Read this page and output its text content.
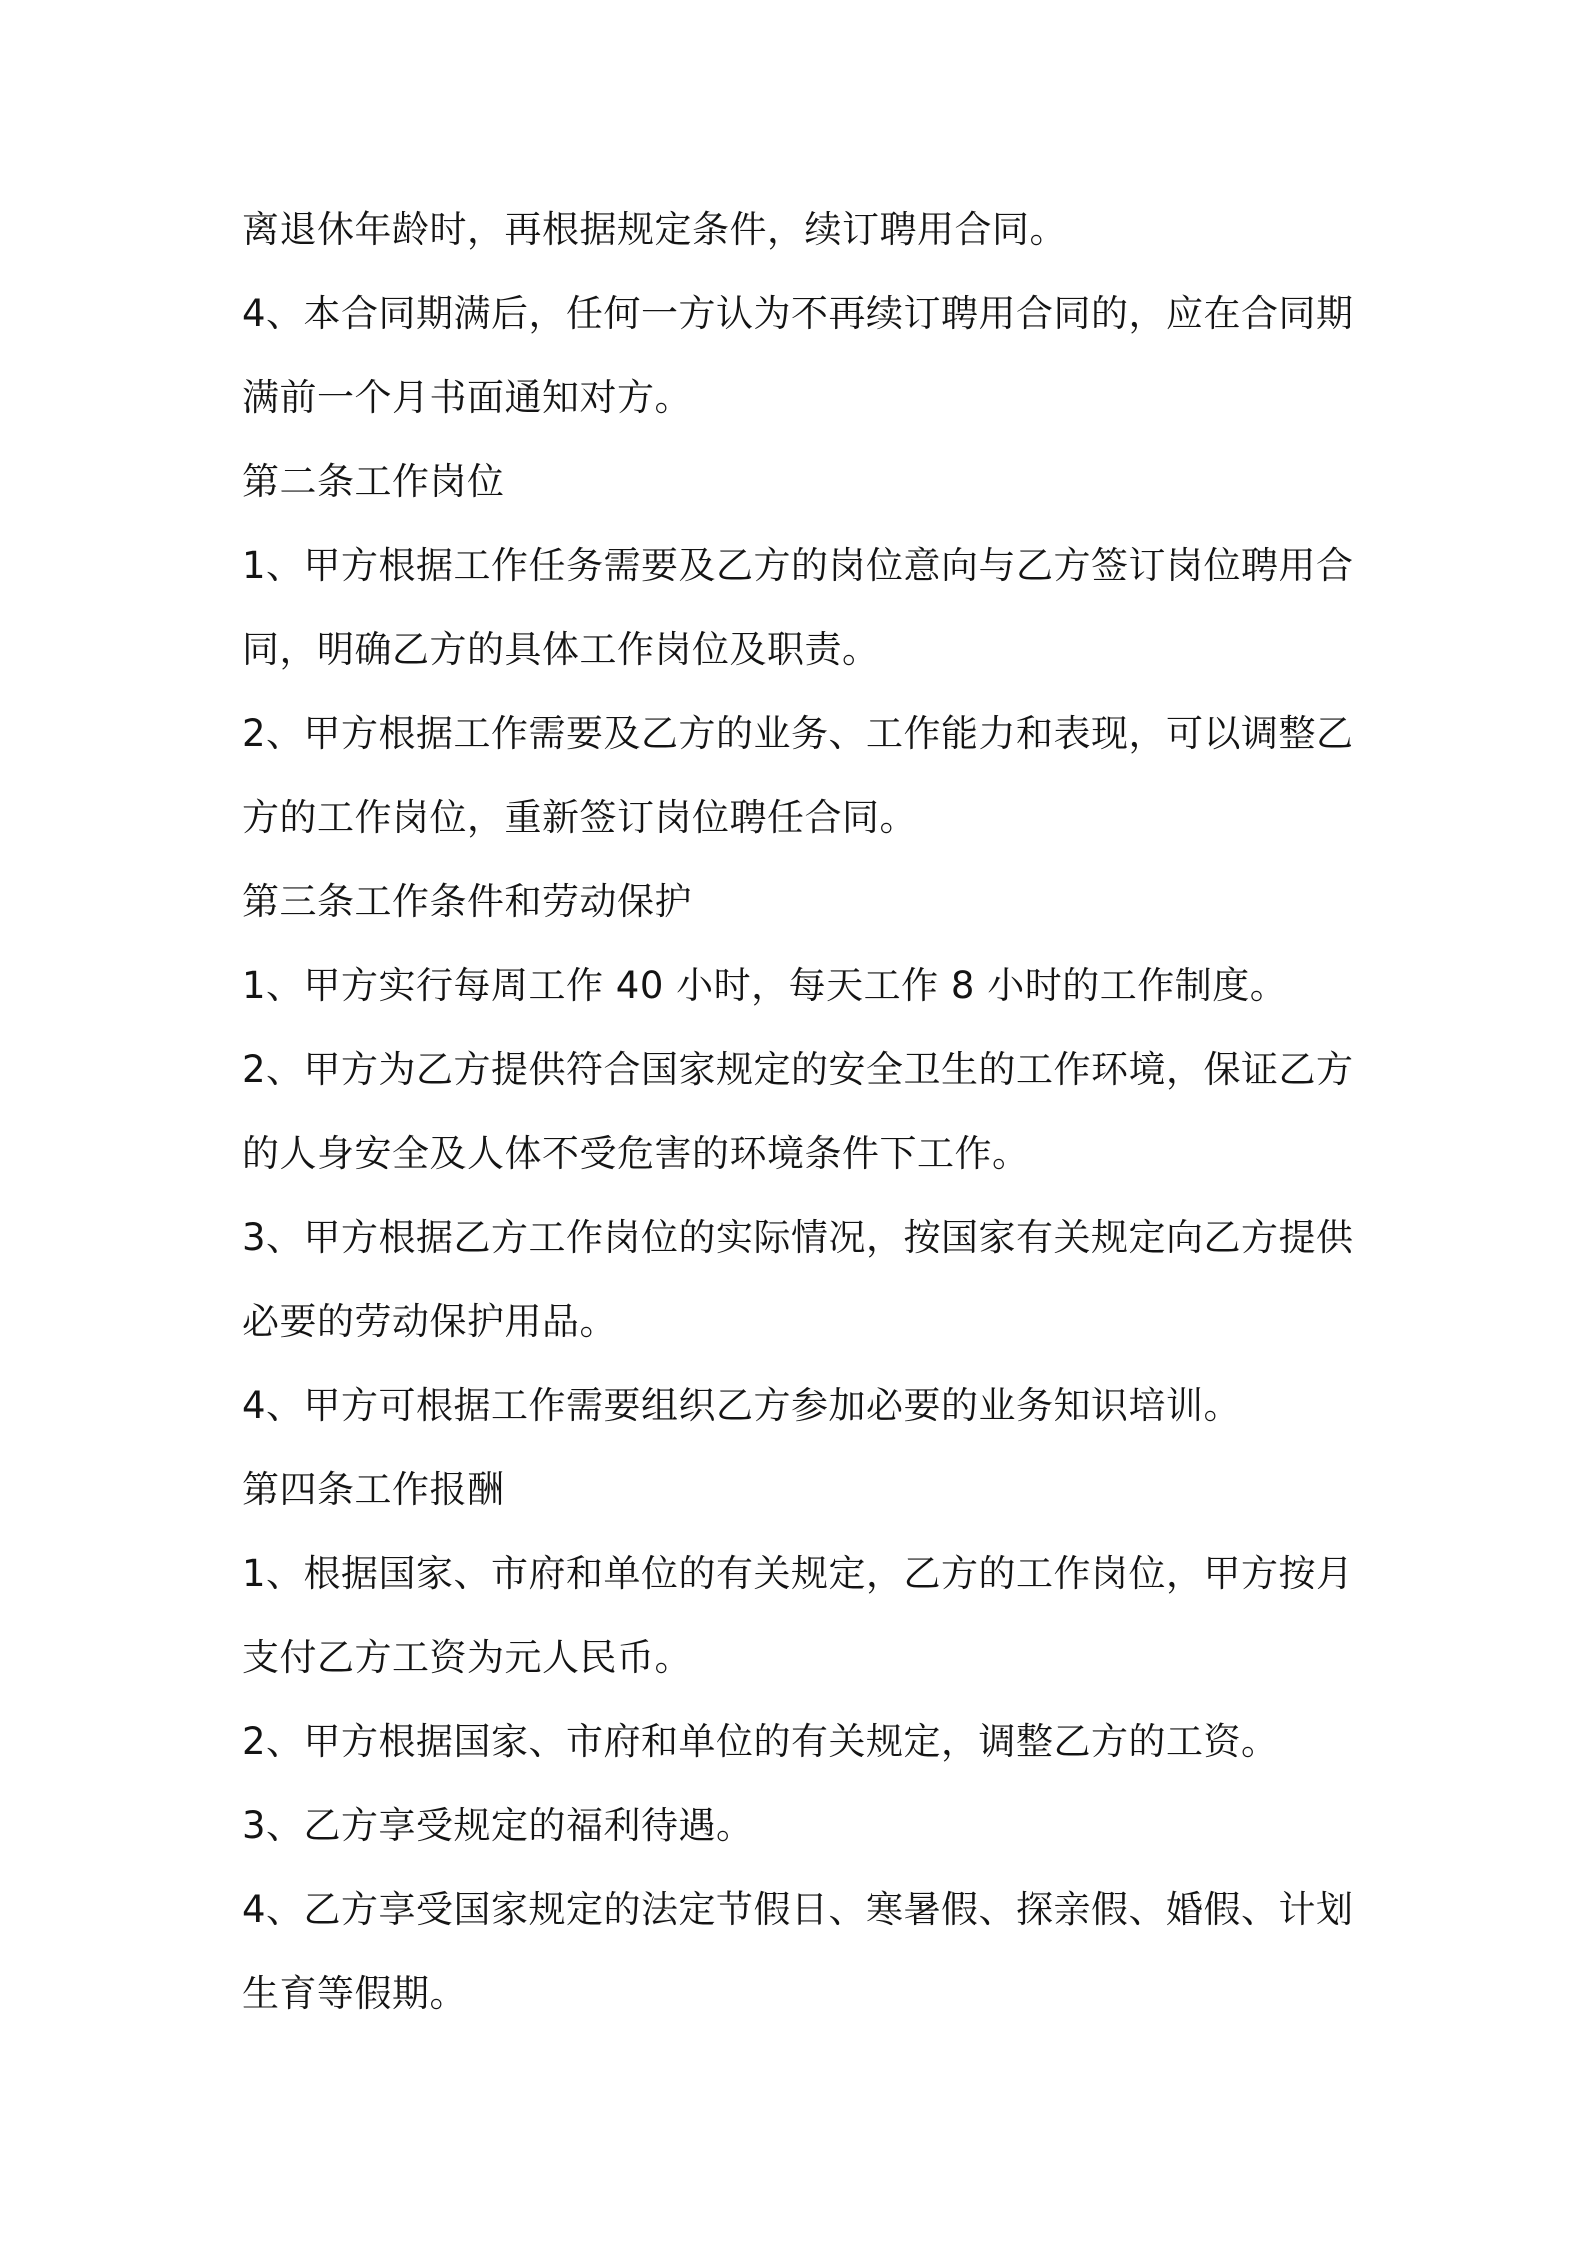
离退休年龄时，再根据规定条件，续订聘用合同。
4、本合同期满后，任何一方认为不再续订聘用合同的，应在合同期
满前一个月书面通知对方。
第二条工作岗位
1、甲方根据工作任务需要及乙方的岗位意向与乙方签订岗位聘用合
同，明确乙方的具体工作岗位及职责。
2、甲方根据工作需要及乙方的业务、工作能力和表现，可以调整乙
方的工作岗位，重新签订岗位聘任合同。
第三条工作条件和劳动保护
1、甲方实行每周工作 40 小时，每天工作 8 小时的工作制度。
2、甲方为乙方提供符合国家规定的安全卫生的工作环境，保证乙方
的人身安全及人体不受危害的环境条件下工作。
3、甲方根据乙方工作岗位的实际情况，按国家有关规定向乙方提供
必要的劳动保护用品。
4、甲方可根据工作需要组织乙方参加必要的业务知识培训。
第四条工作报酬
1、根据国家、市府和单位的有关规定，乙方的工作岗位，甲方按月
支付乙方工资为元人民币。
2、甲方根据国家、市府和单位的有关规定，调整乙方的工资。
3、乙方享受规定的福利待遇。
4、乙方享受国家规定的法定节假日、寒暑假、探亲假、婚假、计划
生育等假期。
